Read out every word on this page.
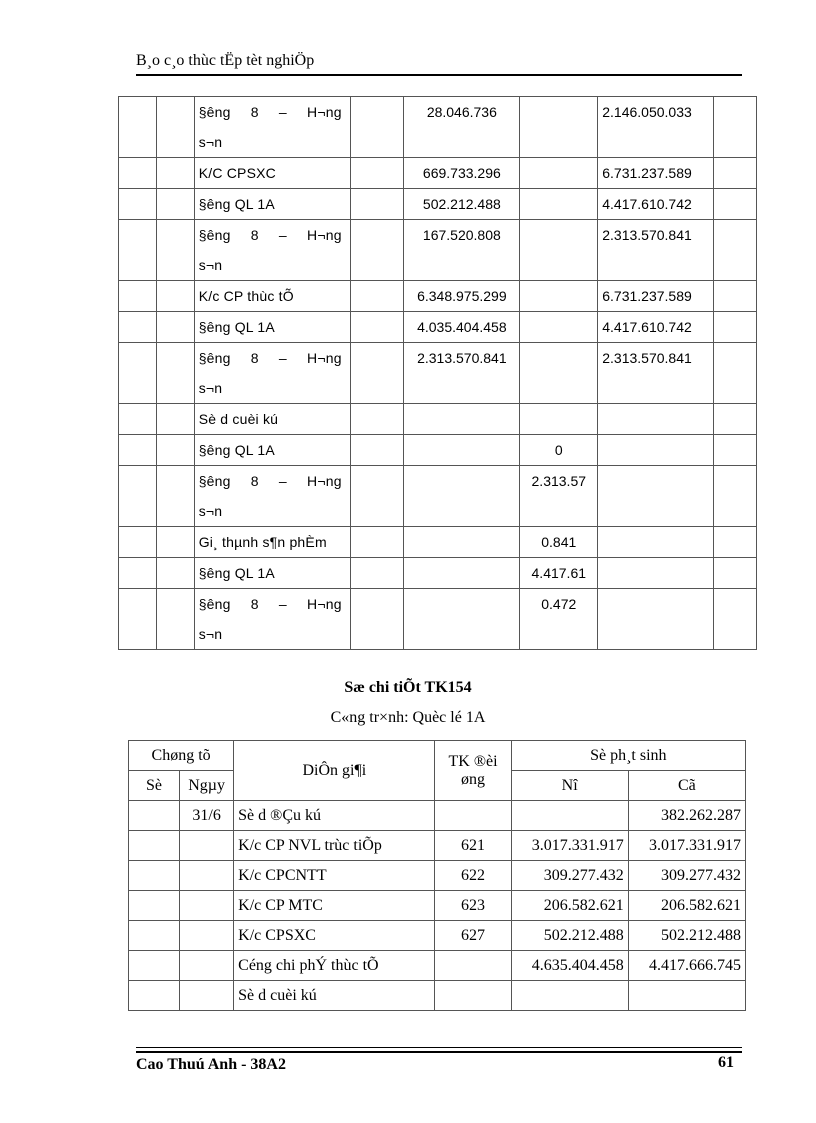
B¸o c¸o thùc tËp tèt nghiÖp

		§êng 8 – H¬ng
s¬n		28.046.736		2.146.050.033	
		K/C CPSXC		669.733.296		6.731.237.589	
		§êng QL 1A		502.212.488		4.417.610.742	

		§êng 8 – H¬ng
s¬n		167.520.808		2.313.570.841	
		K/c CP thùc tÕ		6.348.975.299		6.731.237.589	
		§êng QL 1A		4.035.404.458		4.417.610.742	

		§êng 8 – H¬ng
s¬n		2.313.570.841		2.313.570.841	
		Sè d cuèi kú					
		§êng QL 1A			0		

		§êng 8 – H¬ng
s¬n			2.313.57		
		Gi¸ thµnh s¶n phÈm			0.841		
		§êng QL 1A			4.417.61		

		§êng 8 – H¬ng
s¬n			0.472		
Sæ chi tiÕt TK154
C«ng tr×nh: Quèc lé 1A
Chøng tõ		DiÔn gi¶i	TK ®èi
øng	Sè ph¸t sinh	
Sè	Ngµy			Nî	Cã
	31/6	Sè d ®Çu kú			382.262.287
		K/c CP NVL trùc tiÕp	621	3.017.331.917	3.017.331.917
		K/c CPCNTT	622	309.277.432	309.277.432
		K/c CP MTC	623	206.582.621	206.582.621
		K/c CPSXC	627	502.212.488	502.212.488
		Céng chi phÝ thùc tÕ		4.635.404.458	4.417.666.745
		Sè d cuèi kú			
Cao Thuú Anh - 38A2	61
